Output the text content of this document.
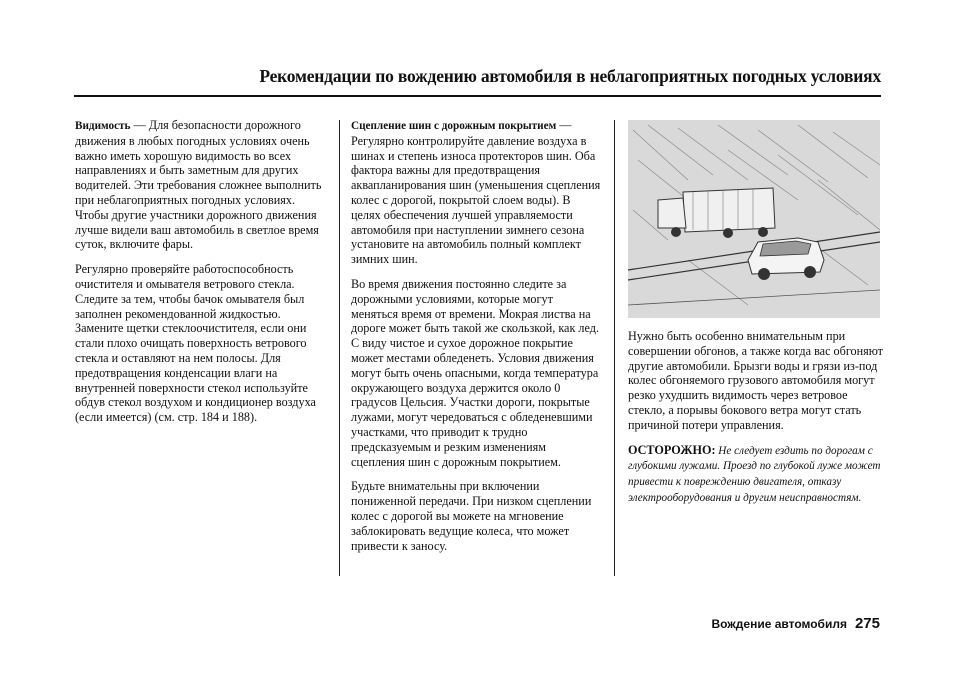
Рекомендации по вождению автомобиля в неблагоприятных погодных условиях

Видимость — Для безопасности дорожного движения в любых погодных условиях очень важно иметь хорошую видимость во всех направлениях и быть заметным для других водителей. Эти требования сложнее выполнить при неблагоприятных погодных условиях. Чтобы другие участники дорожного движения лучше видели ваш автомобиль в светлое время суток, включите фары.

Регулярно проверяйте работоспособность очистителя и омывателя ветрового стекла. Следите за тем, чтобы бачок омывателя был заполнен рекомендованной жидкостью. Замените щетки стеклоочистителя, если они стали плохо очищать поверхность ветрового стекла и оставляют на нем полосы. Для предотвращения конденсации влаги на внутренней поверхности стекол используйте обдув стекол воздухом и кондиционер воздуха (если имеется) (см. стр. 184 и 188).

Сцепление шин с дорожным покрытием — Регулярно контролируйте давление воздуха в шинах и степень износа протекторов шин. Оба фактора важны для предотвращения аквапланирования шин (уменьшения сцепления колес с дорогой, покрытой слоем воды). В целях обеспечения лучшей управляемости автомобиля при наступлении зимнего сезона установите на автомобиль полный комплект зимних шин.

Во время движения постоянно следите за дорожными условиями, которые могут меняться время от времени. Мокрая листва на дороге может быть такой же скользкой, как лед. С виду чистое и сухое дорожное покрытие может местами обледенеть. Условия движения могут быть очень опасными, когда температура окружающего воздуха держится около 0 градусов Цельсия. Участки дороги, покрытые лужами, могут чередоваться с обледеневшими участками, что приводит к трудно предсказуемым и резким изменениям сцепления шин с дорожным покрытием.

Будьте внимательны при включении пониженной передачи. При низком сцеплении колес с дорогой вы можете на мгновение заблокировать ведущие колеса, что может привести к заносу.

Нужно быть особенно внимательным при совершении обгонов, а также когда вас обгоняют другие автомобили. Брызги воды и грязи из-под колес обгоняемого грузового автомобиля могут резко ухудшить видимость через ветровое стекло, а порывы бокового ветра могут стать причиной потери управления.

ОСТОРОЖНО: Не следует ездить по дорогам с глубокими лужами. Проезд по глубокой луже может привести к повреждению двигателя, отказу электрооборудования и другим неисправностям.

Вождение автомобиля 275
